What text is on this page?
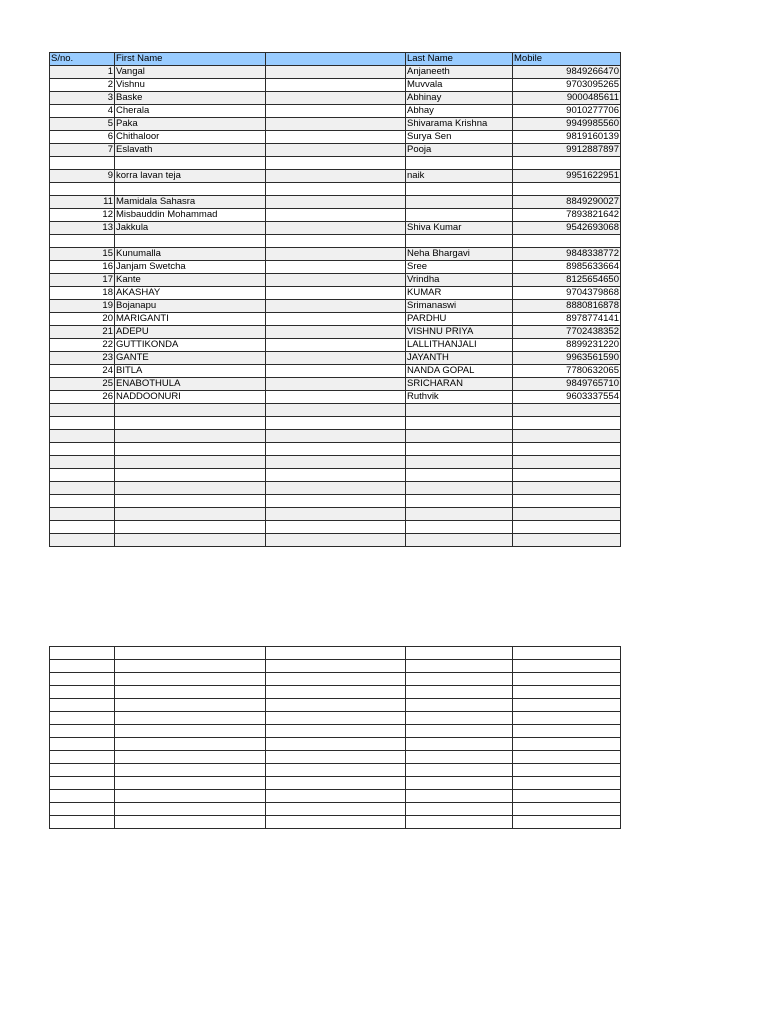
S/no.	First Name		Last Name	Mobile
1	Vangal		Anjaneeth	9849266470
2	Vishnu		Muvvala	9703095265
3	Baske		Abhinay	9000485611
4	Cherala		Abhay	9010277706
5	Paka		Shivarama Krishna	9949985560
6	Chithaloor		Surya Sen	9819160139
7	Eslavath		Pooja	9912887897

9	korra lavan teja		naik	9951622951

11	Mamidala Sahasra			8849290027
12	Misbauddin Mohammad			7893821642
13	Jakkula		Shiva Kumar	9542693068

15	Kunumalla		Neha Bhargavi	9848338772
16	Janjam Swetcha		Sree	8985633664
17	Kante		Vrindha	8125654650
18	AKASHAY		KUMAR	9704379868
19	Bojanapu		Srimanaswi	8880816878
20	MARIGANTI		PARDHU	8978774141
21	ADEPU		VISHNU PRIYA	7702438352
22	GUTTIKONDA		LALLITHANJALI	8899231220
23	GANTE		JAYANTH	9963561590
24	BITLA		NANDA GOPAL	7780632065
25	ENABOTHULA		SRICHARAN	9849765710
26	NADDOONURI		Ruthvik	9603337554
